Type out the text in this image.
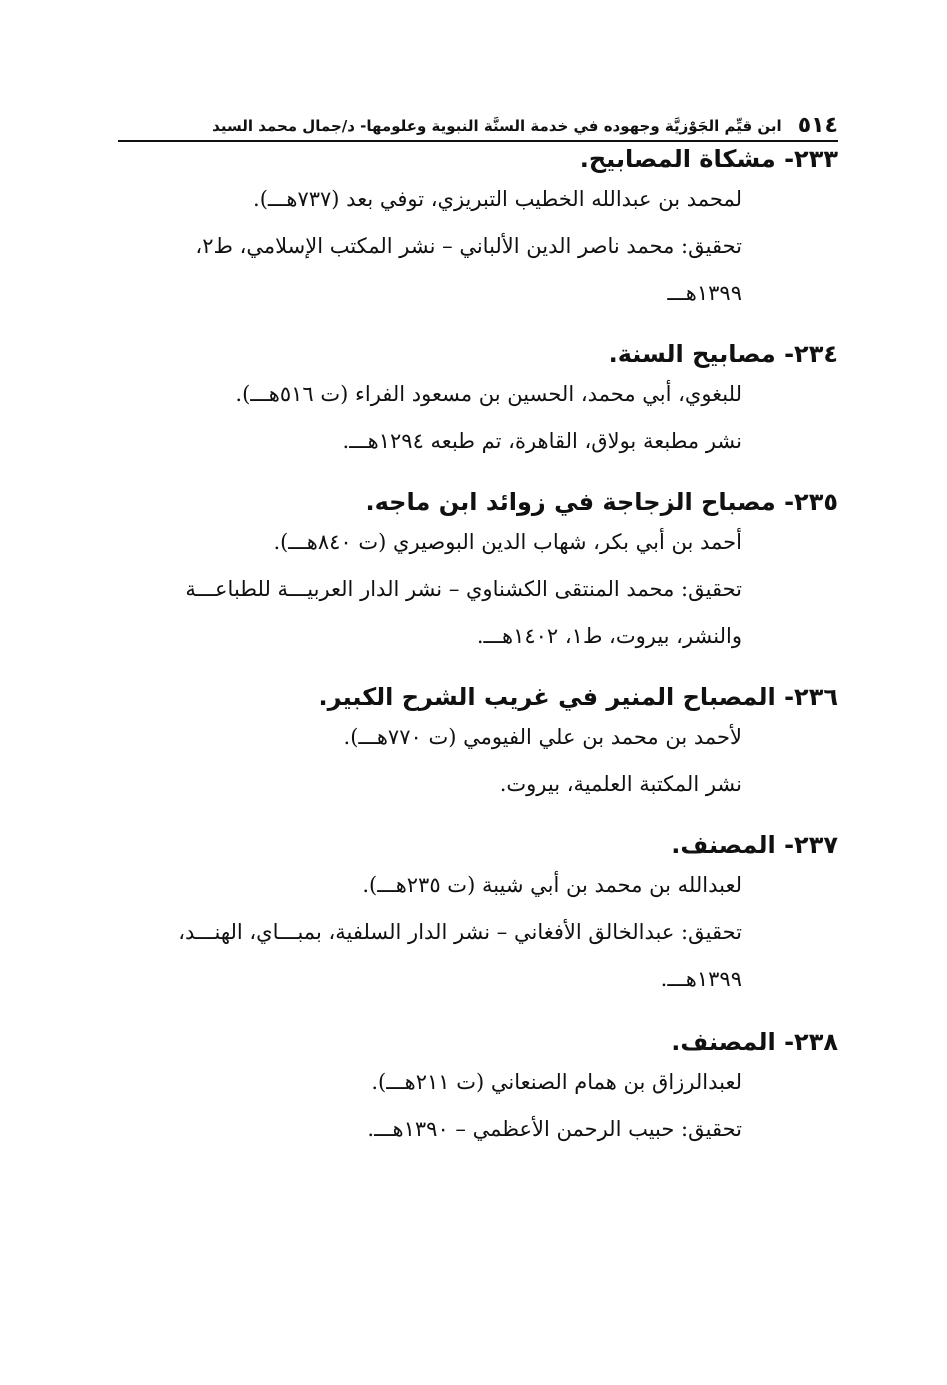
٥١٤
ابن قيِّم الجَوْزيَّة وجهوده في خدمة السنَّة النبوية وعلومها- د/جمال محمد السيد
٢٣٣- مشكاة المصابيح.
لمحمد بن عبدالله الخطيب التبريزي، توفي بعد (٧٣٧هـــ).
تحقيق: محمد ناصر الدين الألباني – نشر المكتب الإسلامي، ط٢،
١٣٩٩هـــ
٢٣٤- مصابيح السنة.
للبغوي، أبي محمد، الحسين بن مسعود الفراء (ت ٥١٦هـــ).
نشر مطبعة بولاق، القاهرة، تم طبعه ١٢٩٤هـــ.
٢٣٥- مصباح الزجاجة في زوائد ابن ماجه.
أحمد بن أبي بكر، شهاب الدين البوصيري (ت ٨٤٠هـــ).
تحقيق: محمد المنتقى الكشناوي – نشر الدار العربيـــة للطباعـــة
والنشر، بيروت، ط١، ١٤٠٢هـــ.
٢٣٦- المصباح المنير في غريب الشرح الكبير.
لأحمد بن محمد بن علي الفيومي (ت ٧٧٠هـــ).
نشر المكتبة العلمية، بيروت.
٢٣٧- المصنف.
لعبدالله بن محمد بن أبي شيبة (ت ٢٣٥هـــ).
تحقيق: عبدالخالق الأفغاني – نشر الدار السلفية، بمبـــاي، الهنـــد،
١٣٩٩هـــ.
٢٣٨- المصنف.
لعبدالرزاق بن همام الصنعاني (ت ٢١١هـــ).
تحقيق: حبيب الرحمن الأعظمي – ١٣٩٠هـــ.
